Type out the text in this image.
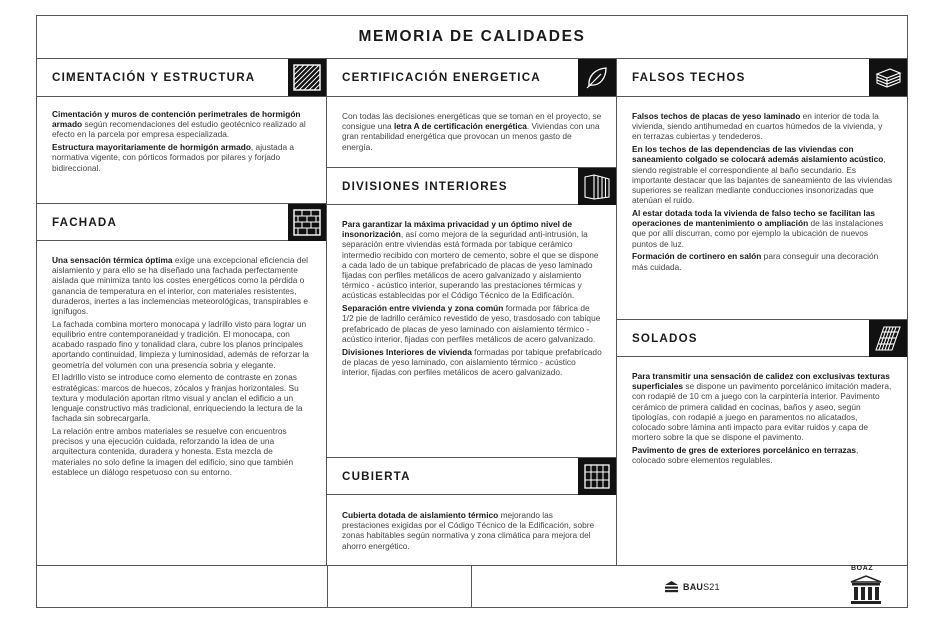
MEMORIA DE CALIDADES
CIMENTACIÓN Y ESTRUCTURA

Cimentación y muros de contención perimetrales de hormigón armado según recomendaciones del estudio geotécnico realizado al efecto en la parcela por empresa especializada.

Estructura mayoritariamente de hormigón armado, ajustada a normativa vigente, con pórticos formados por pilares y forjado bidireccional.

FACHADA

Una sensación térmica óptima exige una excepcional eficiencia del aislamiento y para ello se ha diseñado una fachada perfectamente aislada que minimiza tanto los costes energéticos como la pérdida o ganancia de temperatura en el interior, con materiales resistentes, duraderos, inertes a las inclemencias meteorológicas, transpirables e ignífugos.

La fachada combina mortero monocapa y ladrillo visto para lograr un equilibrio entre contemporaneidad y tradición. El monocapa, con acabado raspado fino y tonalidad clara, cubre los planos principales aportando continuidad, limpieza y luminosidad, además de reforzar la geometría del volumen con una presencia sobria y elegante.

El ladrillo visto se introduce como elemento de contraste en zonas estratégicas: marcos de huecos, zócalos y franjas horizontales. Su textura y modulación aportan ritmo visual y anclan el edificio a un lenguaje constructivo más tradicional, enriqueciendo la lectura de la fachada sin sobrecargarla.

La relación entre ambos materiales se resuelve con encuentros precisos y una ejecución cuidada, reforzando la idea de una arquitectura contenida, duradera y honesta. Esta mezcla de materiales no solo define la imagen del edificio, sino que también establece un diálogo respetuoso con su entorno.

CERTIFICACIÓN ENERGETICA

Con todas las decisiones energéticas que se toman en el proyecto, se consigue una letra A de certificación energética. Viviendas con una gran rentabilidad energética que provocan un menos gasto de energía.

DIVISIONES INTERIORES

Para garantizar la máxima privacidad y un óptimo nivel de insonorización, así como mejora de la seguridad anti-intrusión, la separación entre viviendas está formada por tabique cerámico intermedio recibido con mortero de cemento, sobre el que se dispone a cada lado de un tabique prefabricado de placas de yeso laminado fijadas con perfiles metálicos de acero galvanizado y aislamiento térmico - acústico interior, superando las prestaciones térmicas y acústicas establecidas por el Código Técnico de la Edificación.

Separación entre vivienda y zona común formada por fábrica de 1/2 pie de ladrillo cerámico revestido de yeso, trasdosado con tabique prefabricado de placas de yeso laminado con aislamiento térmico - acústico interior, fijadas con perfiles metálicos de acero galvanizado.

Divisiones Interiores de vivienda formadas por tabique prefabricado de placas de yeso laminado, con aislamiento térmico - acústico interior, fijadas con perfiles metálicos de acero galvanizado.

CUBIERTA

Cubierta dotada de aislamiento térmico mejorando las prestaciones exigidas por el Código Técnico de la Edificación, sobre zonas habitables según normativa y zona climática para mejora del ahorro energético.

FALSOS TECHOS

Falsos techos de placas de yeso laminado en interior de toda la vivienda, siendo antihumedad en cuartos húmedos de la vivienda, y en terrazas cubiertas y tendederos.

En los techos de las dependencias de las viviendas con saneamiento colgado se colocará además aislamiento acústico, siendo registrable el correspondiente al baño secundario. Es importante destacar que las bajantes de saneamiento de las viviendas superiores se realizan mediante conducciones insonorizadas que atenúan el ruido.

Al estar dotada toda la vivienda de falso techo se facilitan las operaciones de mantenimiento o ampliación de las instalaciones que por allí discurran, como por ejemplo la ubicación de nuevos puntos de luz.

Formación de cortinero en salón para conseguir una decoración más cuidada.

SOLADOS

Para transmitir una sensación de calidez con exclusivas texturas superficiales se dispone un pavimento porcelánico imitación madera, con rodapié de 10 cm a juego con la carpintería interior. Pavimento cerámico de primera calidad en cocinas, baños y aseo, según tipologías, con rodapié a juego en paramentos no alicatados, colocado sobre lámina anti impacto para evitar ruidos y capa de mortero sobre la que se dispone el pavimento.

Pavimento de gres de exteriores porcelánico en terrazas, colocado sobre elementos regulables.

BAUS21
BOAZ
